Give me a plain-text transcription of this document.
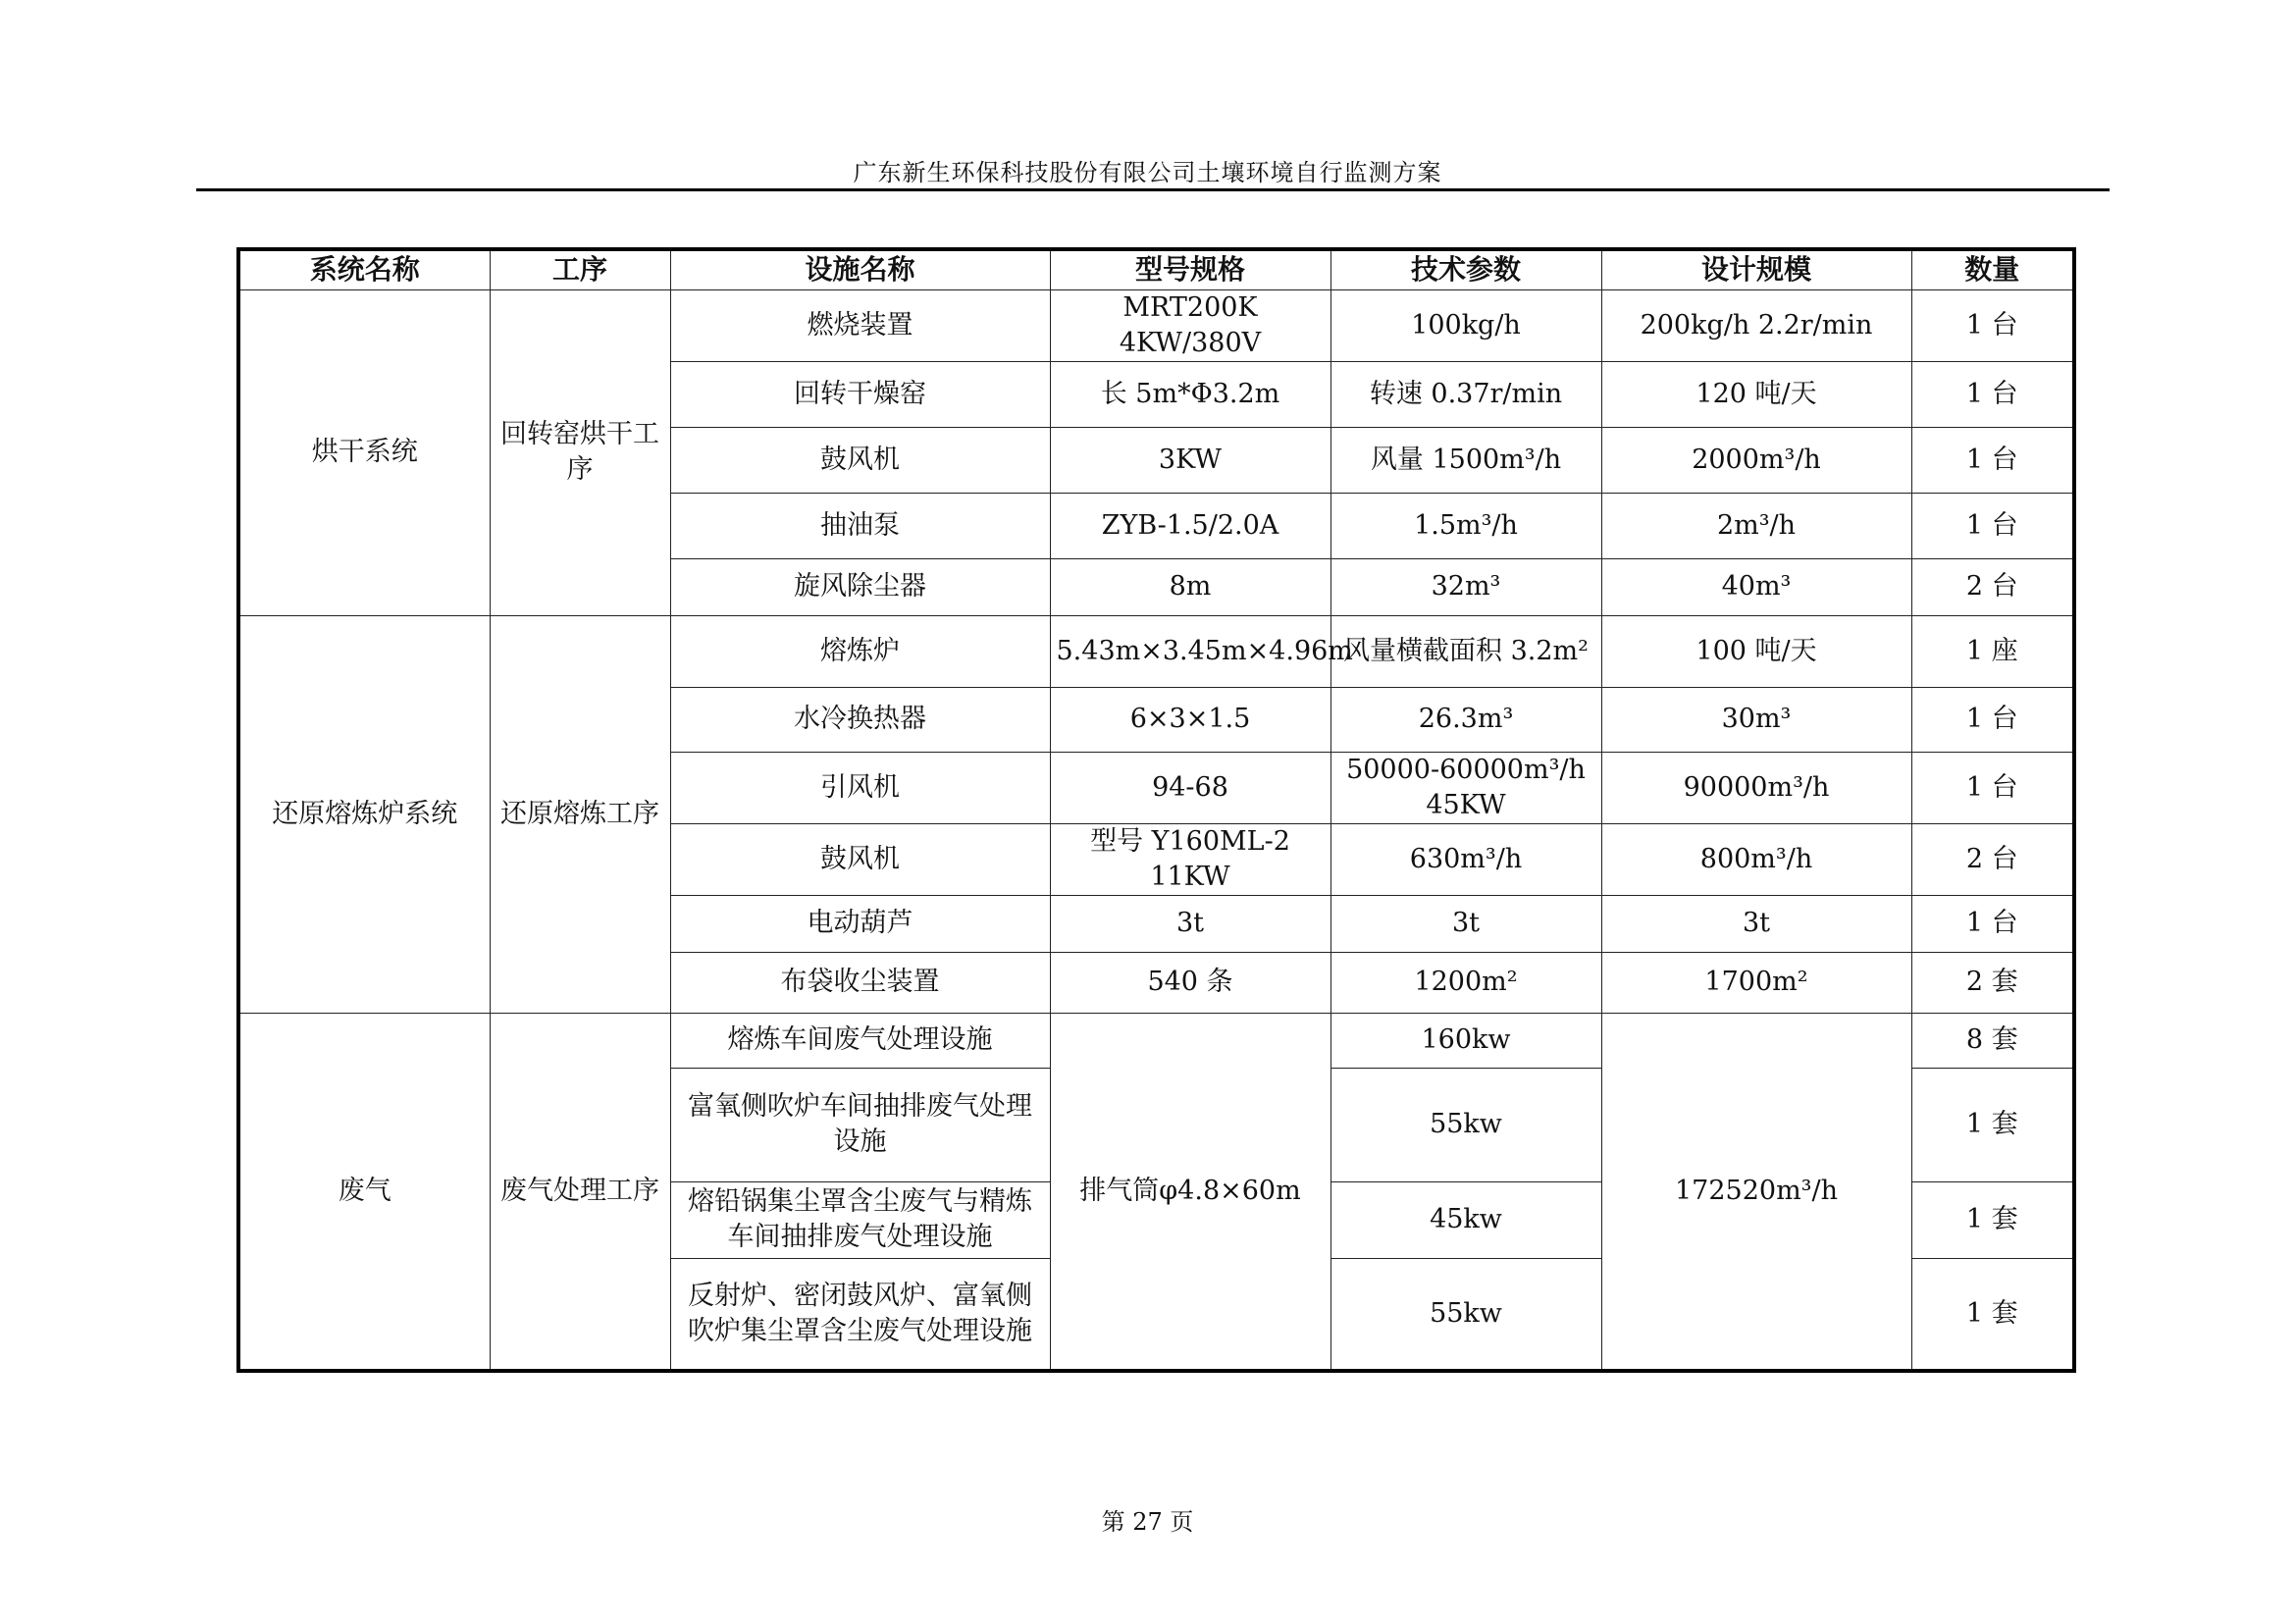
广东新生环保科技股份有限公司土壤环境自行监测方案
系统名称	工序	设施名称	型号规格	技术参数	设计规模	数量
烘干系统	回转窑烘干工序	燃烧装置	MRT200K 4KW/380V	100kg/h	200kg/h 2.2r/min	1 台
		回转干燥窑	长 5m*Φ3.2m	转速 0.37r/min	120 吨/天	1 台
		鼓风机	3KW	风量 1500m³/h	2000m³/h	1 台
		抽油泵	ZYB-1.5/2.0A	1.5m³/h	2m³/h	1 台
		旋风除尘器	8m	32m³	40m³	2 台
还原熔炼炉系统	还原熔炼工序	熔炼炉	5.43m×3.45m×4.96m	风量横截面积 3.2m²	100 吨/天	1 座
		水冷换热器	6×3×1.5	26.3m³	30m³	1 台
		引风机	94-68	50000-60000m³/h 45KW	90000m³/h	1 台
		鼓风机	型号 Y160ML-2 11KW	630m³/h	800m³/h	2 台
		电动葫芦	3t	3t	3t	1 台
		布袋收尘装置	540 条	1200m²	1700m²	2 套
废气	废气处理工序	熔炼车间废气处理设施	排气筒φ4.8×60m	160kw	172520m³/h	8 套
		富氧侧吹炉车间抽排废气处理设施		55kw		1 套
		熔铅锅集尘罩含尘废气与精炼车间抽排废气处理设施		45kw		1 套
		反射炉、密闭鼓风炉、富氧侧吹炉集尘罩含尘废气处理设施		55kw		1 套
第 27 页
